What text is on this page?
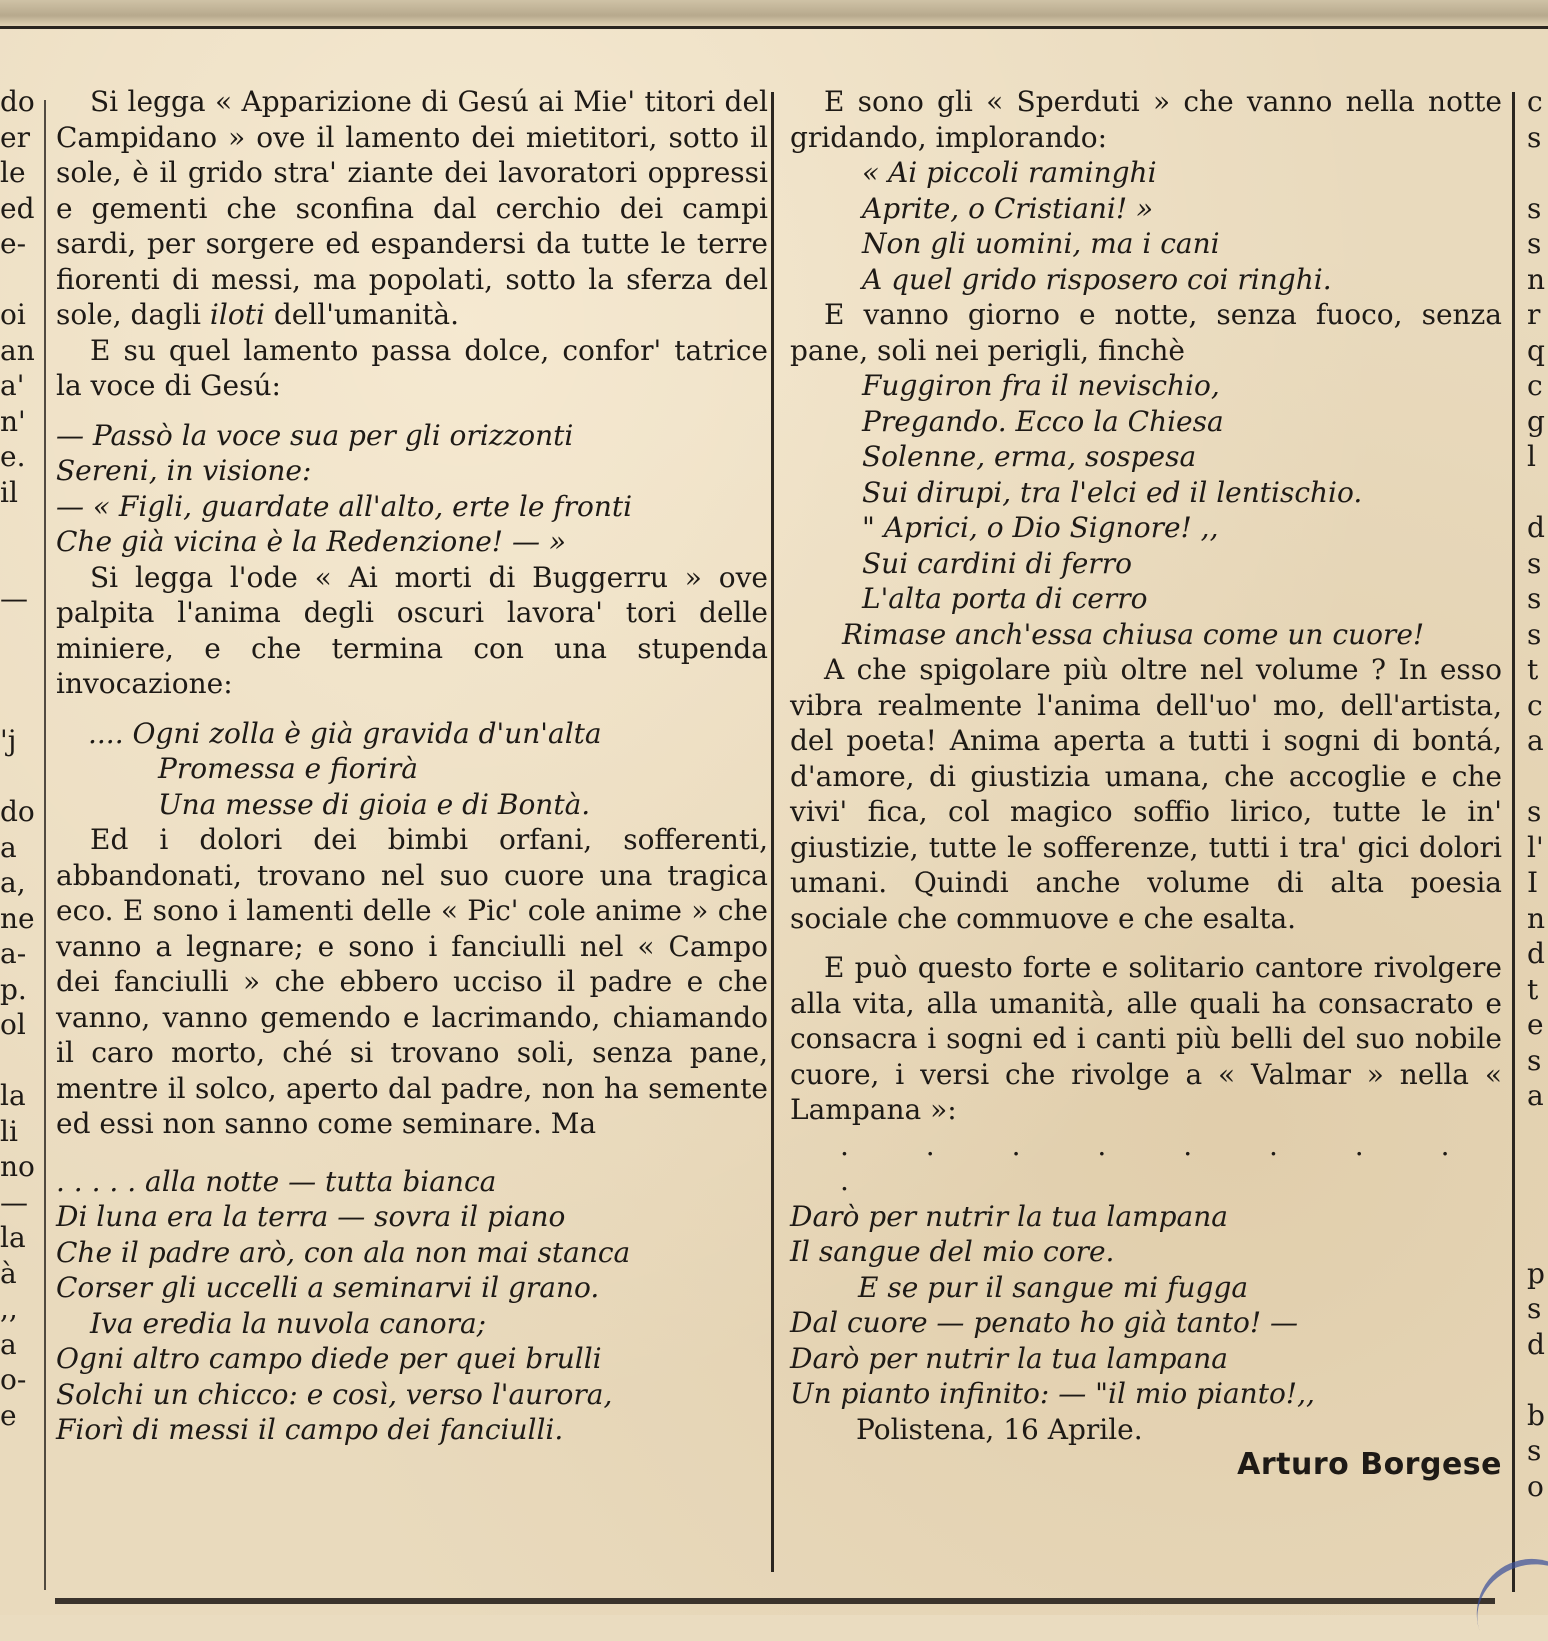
do
er
le
ed
e-

oi
an
a'
n'
e.
il

—

'j

do
a
a,
ne
a-
p.
ol

la
li
no
—
la
à
,,
a
o-
e
c
s

s
s
n
r
q
c
g
l

d
s
s
s
t
c
a

s
l'
I
n
d
t
e
s
a

p
s
d

b
s
o

Si legga « Apparizione di Gesú ai Mie' titori del Campidano » ove il lamento dei mietitori, sotto il sole, è il grido stra' ziante dei lavoratori oppressi e gementi che sconfina dal cerchio dei campi sardi, per sorgere ed espandersi da tutte le terre fiorenti di messi, ma popolati, sotto la sferza del sole, dagli iloti dell'umanità.

E su quel lamento passa dolce, confor' tatrice la voce di Gesú:

— Passò la voce sua per gli orizzonti

Sereni, in visione:

— « Figli, guardate all'alto, erte le fronti

Che già vicina è la Redenzione! — »

Si legga l'ode « Ai morti di Buggerru » ove palpita l'anima degli oscuri lavora' tori delle miniere, e che termina con una stupenda invocazione:

.... Ogni zolla è già gravida d'un'alta

Promessa e fiorirà

Una messe di gioia e di Bontà.

Ed i dolori dei bimbi orfani, sofferenti, abbandonati, trovano nel suo cuore una tragica eco. E sono i lamenti delle « Pic' cole anime » che vanno a legnare; e sono i fanciulli nel « Campo dei fanciulli » che ebbero ucciso il padre e che vanno, vanno gemendo e lacrimando, chiamando il caro morto, ché si trovano soli, senza pane, mentre il solco, aperto dal padre, non ha semente ed essi non sanno come seminare. Ma

. . . . . alla notte — tutta bianca

Di luna era la terra — sovra il piano

Che il padre arò, con ala non mai stanca

Corser gli uccelli a seminarvi il grano.

Iva eredia la nuvola canora;

Ogni altro campo diede per quei brulli

Solchi un chicco: e così, verso l'aurora,

Fiorì di messi il campo dei fanciulli.

E sono gli « Sperduti » che vanno nella notte gridando, implorando:

« Ai piccoli raminghi

Aprite, o Cristiani! »

Non gli uomini, ma i cani

A quel grido risposero coi ringhi.

E vanno giorno e notte, senza fuoco, senza pane, soli nei perigli, finchè

Fuggiron fra il nevischio,

Pregando. Ecco la Chiesa

Solenne, erma, sospesa

Sui dirupi, tra l'elci ed il lentischio.

" Aprici, o Dio Signore! ,,

Sui cardini di ferro

L'alta porta di cerro

Rimase anch'essa chiusa come un cuore!

A che spigolare più oltre nel volume ? In esso vibra realmente l'anima dell'uo' mo, dell'artista, del poeta! Anima aperta a tutti i sogni di bontá, d'amore, di giustizia umana, che accoglie e che vivi' fica, col magico soffio lirico, tutte le in' giustizie, tutte le sofferenze, tutti i tra' gici dolori umani. Quindi anche volume di alta poesia sociale che commuove e che esalta.

E può questo forte e solitario cantore rivolgere alla vita, alla umanità, alle quali ha consacrato e consacra i sogni ed i canti più belli del suo nobile cuore, i versi che rivolge a « Valmar » nella « Lampana »:

. . . . . . . . .

Darò per nutrir la tua lampana

Il sangue del mio core.

E se pur il sangue mi fugga

Dal cuore — penato ho già tanto! —

Darò per nutrir la tua lampana

Un pianto infinito: — "il mio pianto!,,

Polistena, 16 Aprile.

Arturo Borgese
